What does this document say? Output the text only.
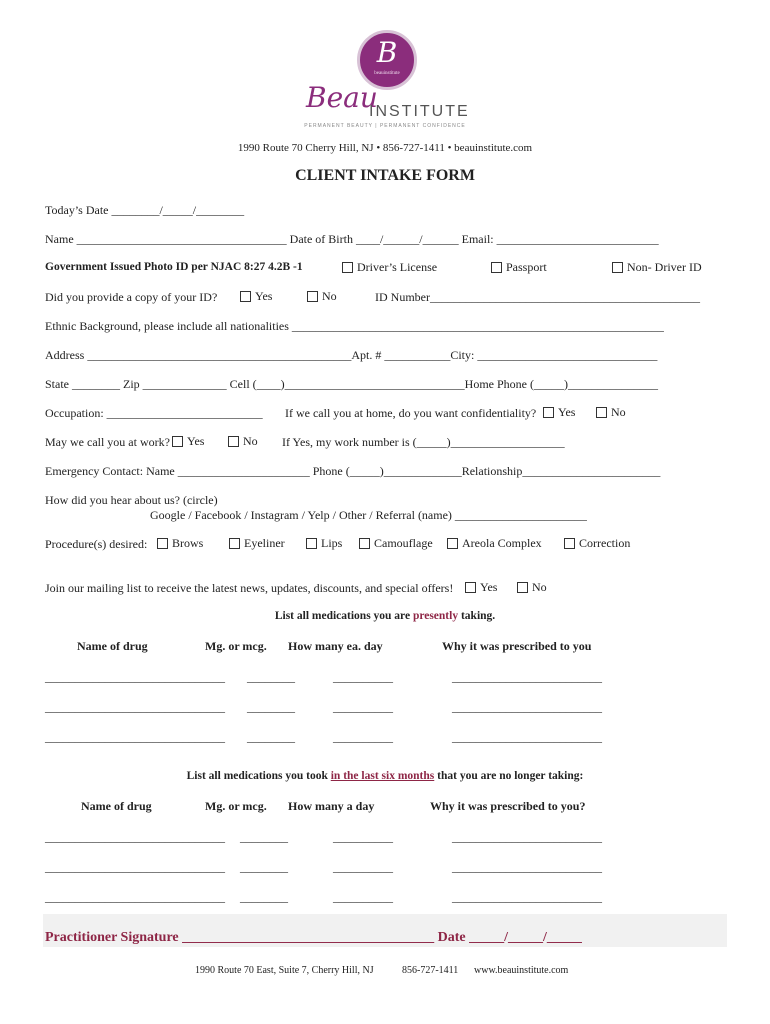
B
beauinstitute
Beau
INSTITUTE
PERMANENT BEAUTY | PERMANENT CONFIDENCE
1990 Route 70 Cherry Hill, NJ • 856-727-1411 • beauinstitute.com
CLIENT INTAKE FORM
Today’s Date ________/_____/________
Name ___________________________________ Date of Birth ____/______/______ Email: ___________________________
Government Issued Photo ID per NJAC 8:27 4.2B -1	Driver’s License	Passport	Non- Driver ID
Did you provide a copy of your ID?	Yes	No	ID Number_____________________________________________
Ethnic Background, please include all nationalities ______________________________________________________________
Address ____________________________________________Apt. # ___________City: ______________________________
State ________ Zip ______________ Cell (____)______________________________Home Phone (_____)_______________
Occupation: __________________________ If we call you at home, do you want confidentiality?	Yes	No
May we call you at work?	Yes	No If Yes, my work number is (_____)___________________
Emergency Contact: Name ______________________ Phone (_____)_____________Relationship_______________________
How did you hear about us? (circle)
Google / Facebook / Instagram / Yelp / Other / Referral (name) ______________________
Procedure(s) desired:	Brows	Eyeliner	Lips	Camouflage	Areola Complex	Correction
Join our mailing list to receive the latest news, updates, discounts, and special offers!	Yes	No
List all medications you are presently taking.
Name of drug	Mg. or mcg. How many ea. day	Why it was prescribed to you
______________________________ ________	__________	_________________________
______________________________ ________	__________	_________________________
______________________________ ________	__________	_________________________
List all medications you took in the last six months that you are no longer taking:
Name of drug	Mg. or mcg. How many a day	Why it was prescribed to you?
______________________________ ________	__________	_________________________
______________________________ ________	__________	_________________________
______________________________ ________	__________	_________________________
Practitioner Signature ____________________________________ Date _____/_____/_____
1990 Route 70 East, Suite 7, Cherry Hill, NJ	856-727-1411 www.beauinstitute.com
